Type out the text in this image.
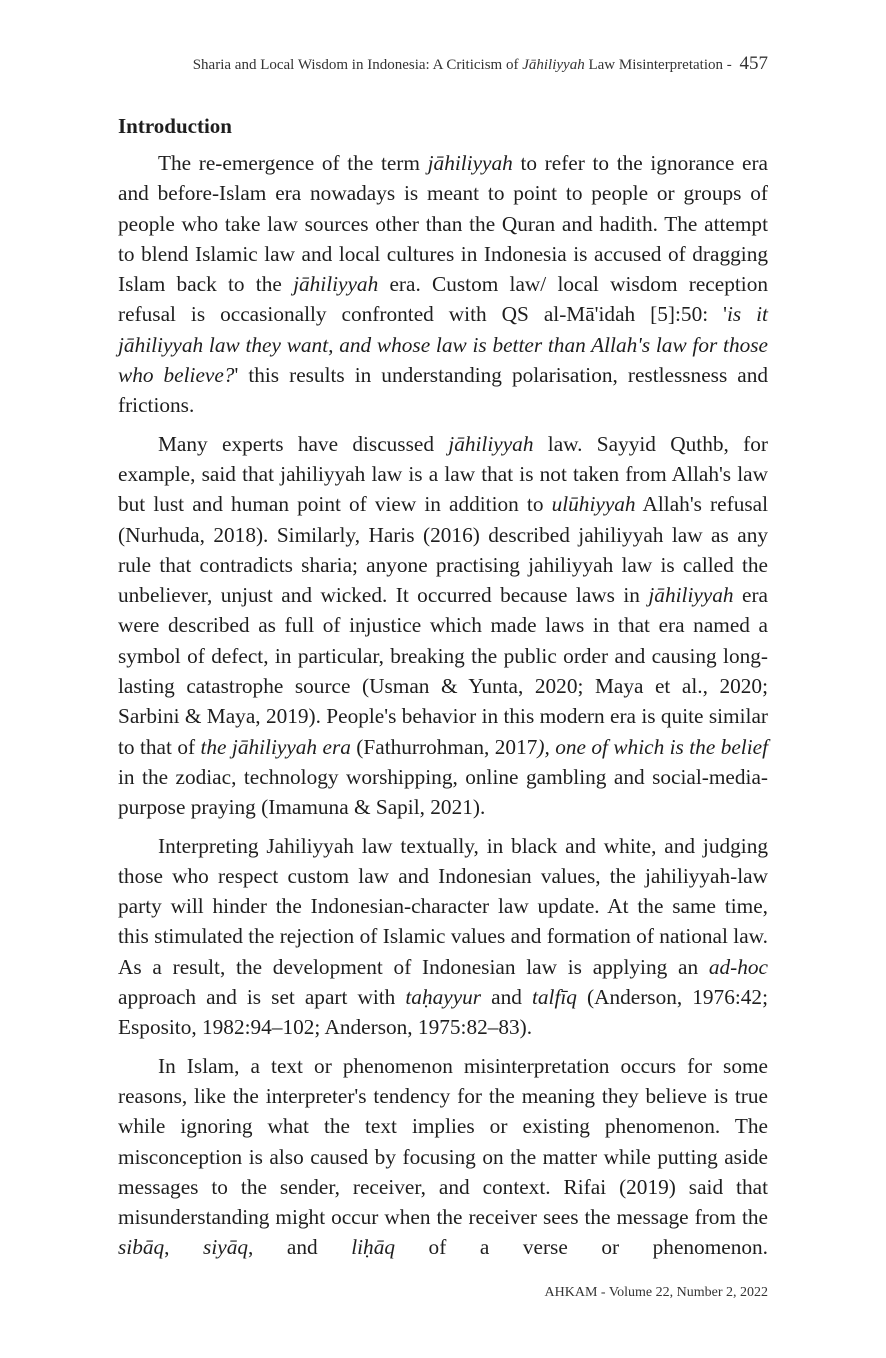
Sharia and Local Wisdom in Indonesia: A Criticism of Jāhiliyyah Law Misinterpretation - 457
Introduction

The re-emergence of the term jāhiliyyah to refer to the ignorance era and before-Islam era nowadays is meant to point to people or groups of people who take law sources other than the Quran and hadith. The attempt to blend Islamic law and local cultures in Indonesia is accused of dragging Islam back to the jāhiliyyah era. Custom law/ local wisdom reception refusal is occasionally confronted with QS al-Mā'idah [5]:50: 'is it jāhiliyyah law they want, and whose law is better than Allah's law for those who believe?' this results in understanding polarisation, restlessness and frictions.

Many experts have discussed jāhiliyyah law. Sayyid Quthb, for example, said that jahiliyyah law is a law that is not taken from Allah's law but lust and human point of view in addition to ulūhiyyah Allah's refusal (Nurhuda, 2018). Similarly, Haris (2016) described jahiliyyah law as any rule that contradicts sharia; anyone practising jahiliyyah law is called the unbeliever, unjust and wicked. It occurred because laws in jāhiliyyah era were described as full of injustice which made laws in that era named a symbol of defect, in particular, breaking the public order and causing long-lasting catastrophe source (Usman & Yunta, 2020; Maya et al., 2020; Sarbini & Maya, 2019). People's behavior in this modern era is quite similar to that of the jāhiliyyah era (Fathurrohman, 2017), one of which is the belief in the zodiac, technology worshipping, online gambling and social-media-purpose praying (Imamuna & Sapil, 2021).

Interpreting Jahiliyyah law textually, in black and white, and judging those who respect custom law and Indonesian values, the jahiliyyah-law party will hinder the Indonesian-character law update. At the same time, this stimulated the rejection of Islamic values and formation of national law. As a result, the development of Indonesian law is applying an ad-hoc approach and is set apart with taḥayyur and talfīq (Anderson, 1976:42; Esposito, 1982:94–102; Anderson, 1975:82–83).

In Islam, a text or phenomenon misinterpretation occurs for some reasons, like the interpreter's tendency for the meaning they believe is true while ignoring what the text implies or existing phenomenon. The misconception is also caused by focusing on the matter while putting aside messages to the sender, receiver, and context. Rifai (2019) said that misunderstanding might occur when the receiver sees the message from the sibāq, siyāq, and liḥāq of a verse or phenomenon.

AHKAM - Volume 22, Number 2, 2022
